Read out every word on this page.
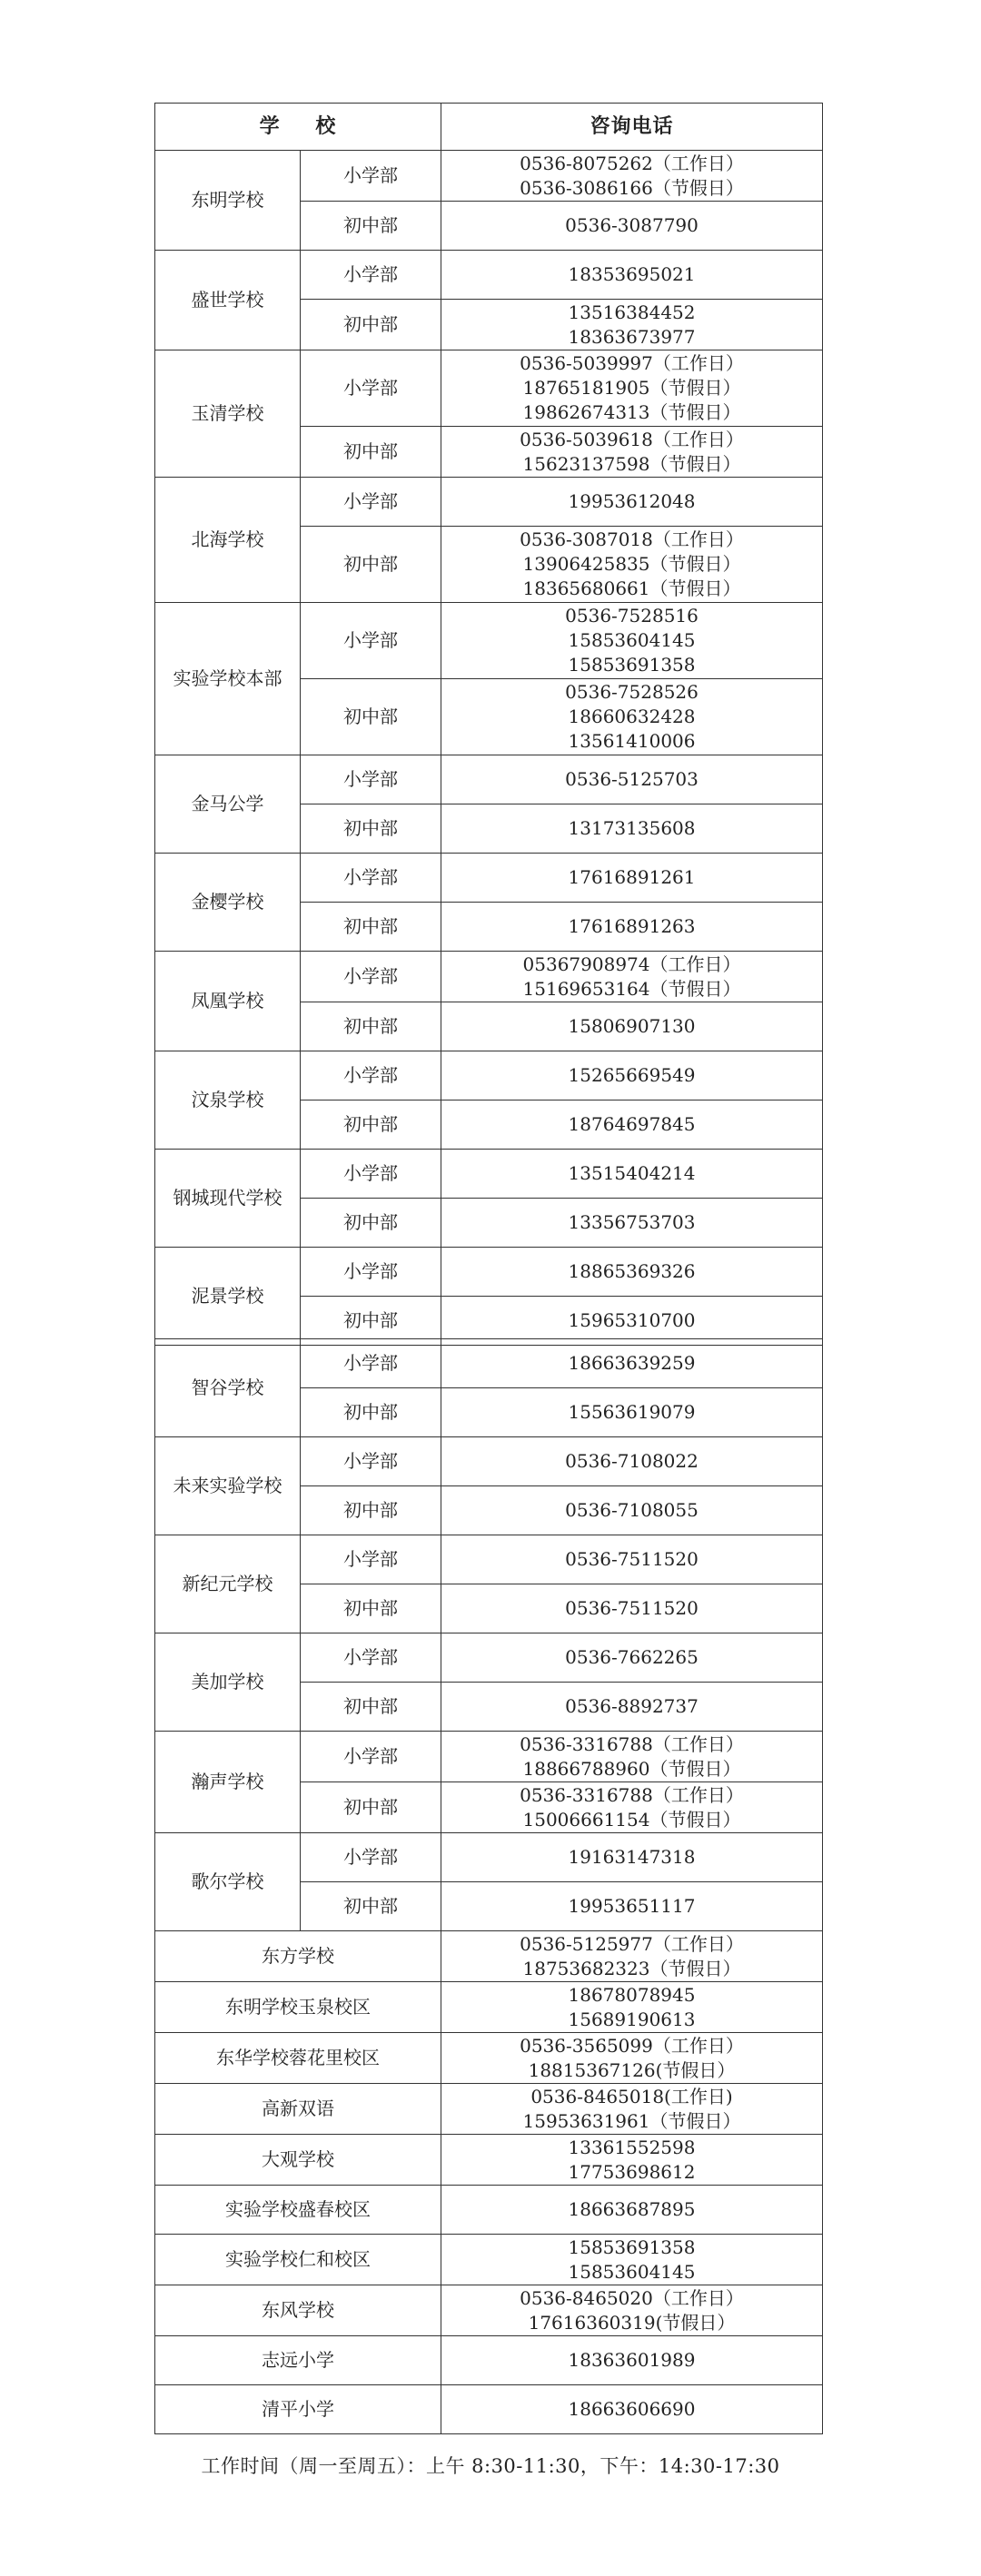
学 校		咨询电话
东明学校	小学部	0536-8075262（工作日）
0536-3086166（节假日）

	初中部	0536-3087790

盛世学校	小学部	18353695021

	初中部	13516384452
18363673977

玉清学校	小学部	0536-5039997（工作日）
18765181905（节假日）
19862674313（节假日）

	初中部	0536-5039618（工作日）
15623137598（节假日）

北海学校	小学部	19953612048

	初中部	0536-3087018（工作日）
13906425835（节假日）
18365680661（节假日）

实验学校本部	小学部	0536-7528516
15853604145
15853691358

	初中部	0536-7528526
18660632428
13561410006

金马公学	小学部	0536-5125703

	初中部	13173135608

金樱学校	小学部	17616891261

	初中部	17616891263

凤凰学校	小学部	05367908974（工作日）
15169653164（节假日）

	初中部	15806907130

汶泉学校	小学部	15265669549

	初中部	18764697845

钢城现代学校	小学部	13515404214

	初中部	13356753703

泥景学校	小学部	18865369326

	初中部	15965310700
智谷学校	小学部	18663639259

	初中部	15563619079

未来实验学校	小学部	0536-7108022

	初中部	0536-7108055

新纪元学校	小学部	0536-7511520

	初中部	0536-7511520

美加学校	小学部	0536-7662265

	初中部	0536-8892737

瀚声学校	小学部	0536-3316788（工作日）
18866788960（节假日）

	初中部	0536-3316788（工作日）
15006661154（节假日）

歌尔学校	小学部	19163147318

	初中部	19953651117

东方学校		0536-5125977（工作日）
18753682323（节假日）

东明学校玉泉校区		18678078945
15689190613

东华学校蓉花里校区		0536-3565099（工作日）
18815367126(节假日）

高新双语		0536-8465018(工作日)
15953631961（节假日）

大观学校		13361552598
17753698612

实验学校盛春校区		18663687895

实验学校仁和校区		15853691358
15853604145

东风学校		0536-8465020（工作日）
17616360319(节假日）

志远小学		18363601989

清平小学		18663606690
工作时间（周一至周五）：上午 8:30-11:30，下午：14:30-17:30
